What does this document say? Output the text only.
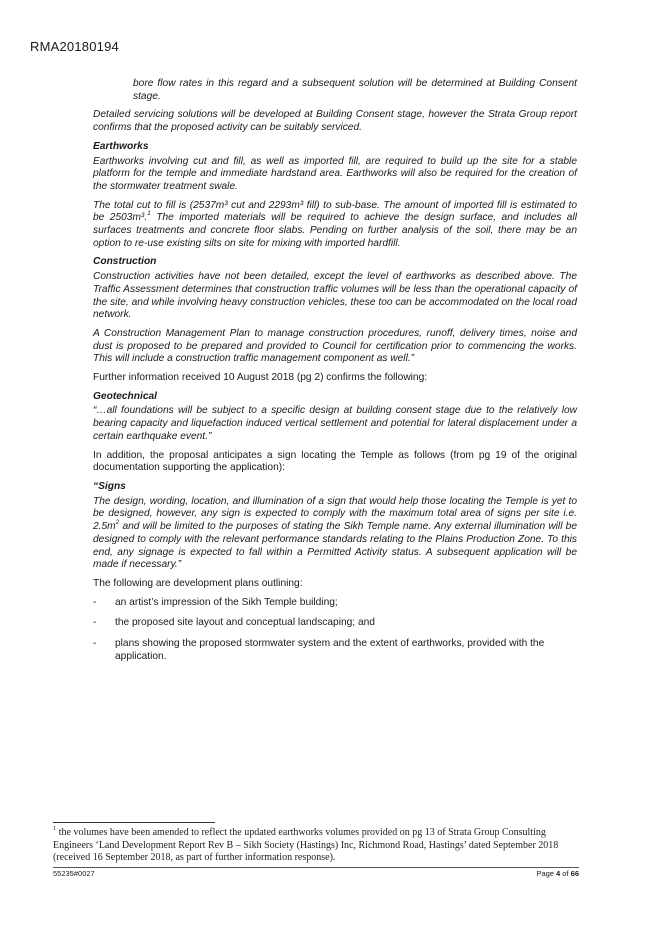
RMA20180194

bore flow rates in this regard and a subsequent solution will be determined at Building Consent stage.

Detailed servicing solutions will be developed at Building Consent stage, however the Strata Group report confirms that the proposed activity can be suitably serviced.

Earthworks

Earthworks involving cut and fill, as well as imported fill, are required to build up the site for a stable platform for the temple and immediate hardstand area. Earthworks will also be required for the creation of the stormwater treatment swale.

The total cut to fill is (2537m³ cut and 2293m³ fill) to sub-base. The amount of imported fill is estimated to be 2503m³.$^1$ The imported materials will be required to achieve the design surface, and includes all surfaces treatments and concrete floor slabs. Pending on further analysis of the soil, there may be an option to re-use existing silts on site for mixing with imported hardfill.

Construction

Construction activities have not been detailed, except the level of earthworks as described above. The Traffic Assessment determines that construction traffic volumes will be less than the operational capacity of the site, and while involving heavy construction vehicles, these too can be accommodated on the local road network.

A Construction Management Plan to manage construction procedures, runoff, delivery times, noise and dust is proposed to be prepared and provided to Council for certification prior to commencing the works. This will include a construction traffic management component as well.”

Further information received 10 August 2018 (pg 2) confirms the following:

Geotechnical

“…all foundations will be subject to a specific design at building consent stage due to the relatively low bearing capacity and liquefaction induced vertical settlement and potential for lateral displacement under a certain earthquake event.”

In addition, the proposal anticipates a sign locating the Temple as follows (from pg 19 of the original documentation supporting the application):

“Signs

The design, wording, location, and illumination of a sign that would help those locating the Temple is yet to be designed, however, any sign is expected to comply with the maximum total area of signs per site i.e. $2.5m^2$ and will be limited to the purposes of stating the Sikh Temple name. Any external illumination will be designed to comply with the relevant performance standards relating to the Plains Production Zone. To this end, any signage is expected to fall within a Permitted Activity status. A subsequent application will be made if necessary.”

The following are development plans outlining:

-	an artist’s impression of the Sikh Temple building;
-	the proposed site layout and conceptual landscaping; and
-	plans showing the proposed stormwater system and the extent of earthworks, provided with the application.
$^1$ the volumes have been amended to reflect the updated earthworks volumes provided on pg 13 of Strata Group Consulting Engineers ‘Land Development Report Rev B – Sikh Society (Hastings) Inc, Richmond Road, Hastings’ dated September 2018 (received 16 September 2018, as part of further information response).
55235#0027	Page 4 of 66
